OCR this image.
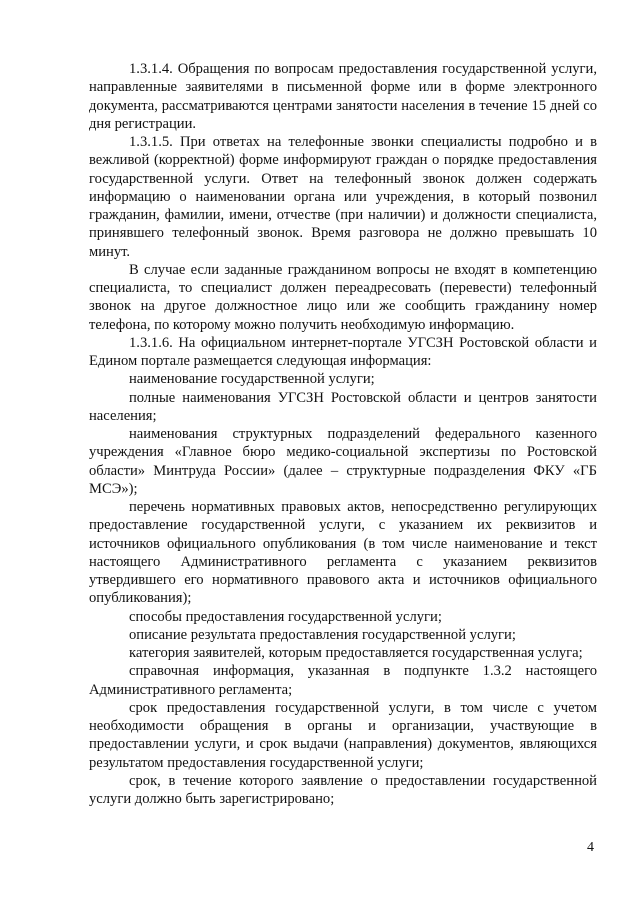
1.3.1.4. Обращения по вопросам предоставления государственной услуги, направленные заявителями в письменной форме или в форме электронного документа, рассматриваются центрами занятости населения в течение 15 дней со дня регистрации.

1.3.1.5. При ответах на телефонные звонки специалисты подробно и в вежливой (корректной) форме информируют граждан о порядке предоставления государственной услуги. Ответ на телефонный звонок должен содержать информацию о наименовании органа или учреждения, в который позвонил гражданин, фамилии, имени, отчестве (при наличии) и должности специалиста, принявшего телефонный звонок. Время разговора не должно превышать 10 минут.

В случае если заданные гражданином вопросы не входят в компетенцию специалиста, то специалист должен переадресовать (перевести) телефонный звонок на другое должностное лицо или же сообщить гражданину номер телефона, по которому можно получить необходимую информацию.

1.3.1.6. На официальном интернет-портале УГСЗН Ростовской области и Едином портале размещается следующая информация:

наименование государственной услуги;

полные наименования УГСЗН Ростовской области и центров занятости населения;

наименования структурных подразделений федерального казенного учреждения «Главное бюро медико-социальной экспертизы по Ростовской области» Минтруда России» (далее – структурные подразделения ФКУ «ГБ МСЭ»);

перечень нормативных правовых актов, непосредственно регулирующих предоставление государственной услуги, с указанием их реквизитов и источников официального опубликования (в том числе наименование и текст настоящего Административного регламента с указанием реквизитов утвердившего его нормативного правового акта и источников официального опубликования);

способы предоставления государственной услуги;

описание результата предоставления государственной услуги;

категория заявителей, которым предоставляется государственная услуга;

справочная информация, указанная в подпункте 1.3.2 настоящего Административного регламента;

срок предоставления государственной услуги, в том числе с учетом необходимости обращения в органы и организации, участвующие в предоставлении услуги, и срок выдачи (направления) документов, являющихся результатом предоставления государственной услуги;

срок, в течение которого заявление о предоставлении государственной услуги должно быть зарегистрировано;

4
